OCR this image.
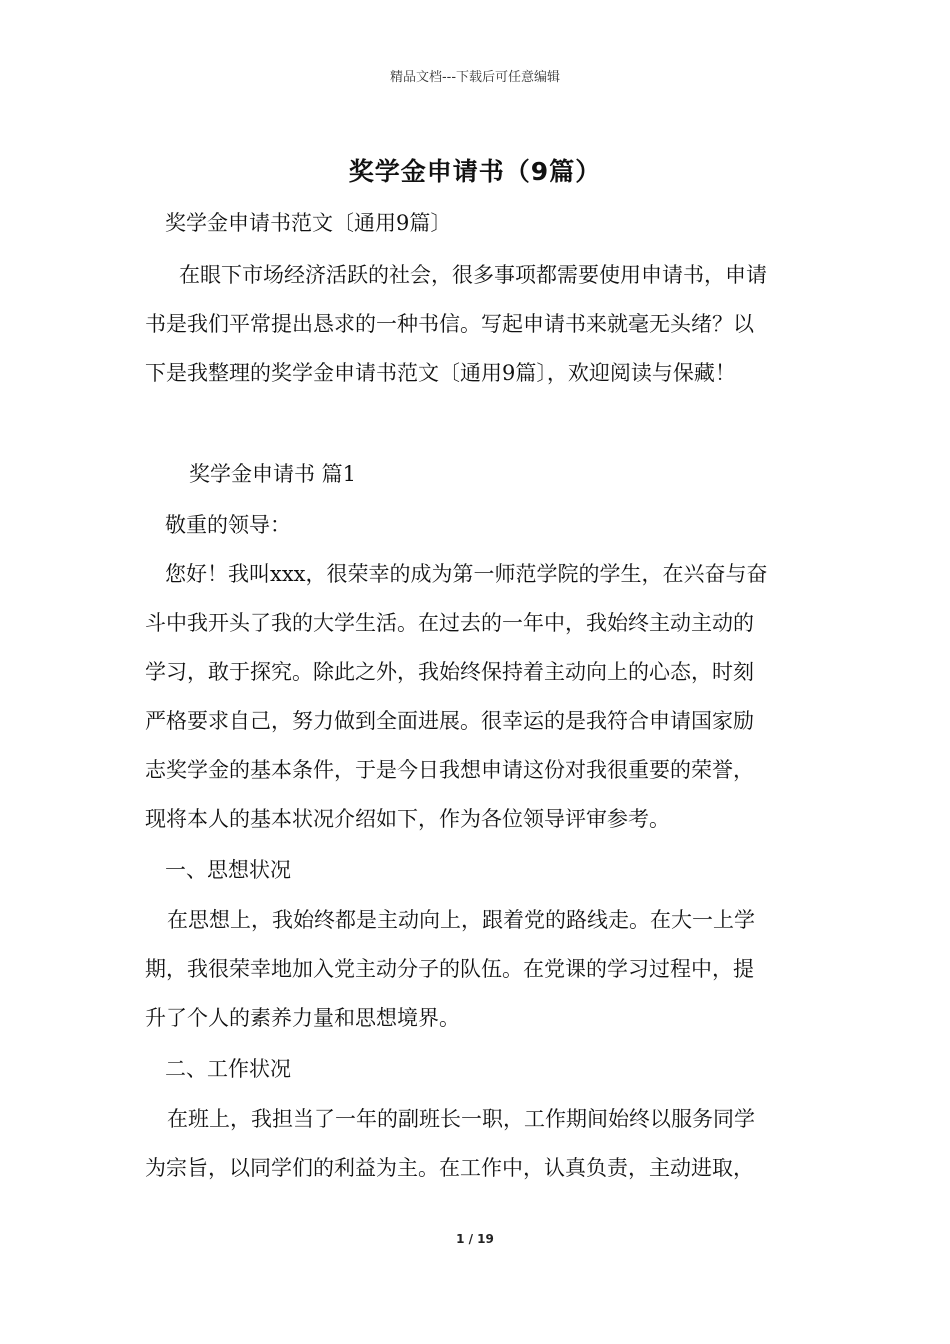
精品文档---下载后可任意编辑
奖学金申请书（9篇）
奖学金申请书范文〔通用9篇〕
在眼下市场经济活跃的社会，很多事项都需要使用申请书，申请
书是我们平常提出恳求的一种书信。写起申请书来就毫无头绪？以
下是我整理的奖学金申请书范文〔通用9篇〕，欢迎阅读与保藏！
奖学金申请书 篇1
敬重的领导：
您好！我叫xxx，很荣幸的成为第一师范学院的学生，在兴奋与奋
斗中我开头了我的大学生活。在过去的一年中，我始终主动主动的
学习，敢于探究。除此之外，我始终保持着主动向上的心态，时刻
严格要求自己，努力做到全面进展。很幸运的是我符合申请国家励
志奖学金的基本条件，于是今日我想申请这份对我很重要的荣誉，
现将本人的基本状况介绍如下，作为各位领导评审参考。
一、思想状况
在思想上，我始终都是主动向上，跟着党的路线走。在大一上学
期，我很荣幸地加入党主动分子的队伍。在党课的学习过程中，提
升了个人的素养力量和思想境界。
二、工作状况
在班上，我担当了一年的副班长一职，工作期间始终以服务同学
为宗旨，以同学们的利益为主。在工作中，认真负责，主动进取，
1 / 19
